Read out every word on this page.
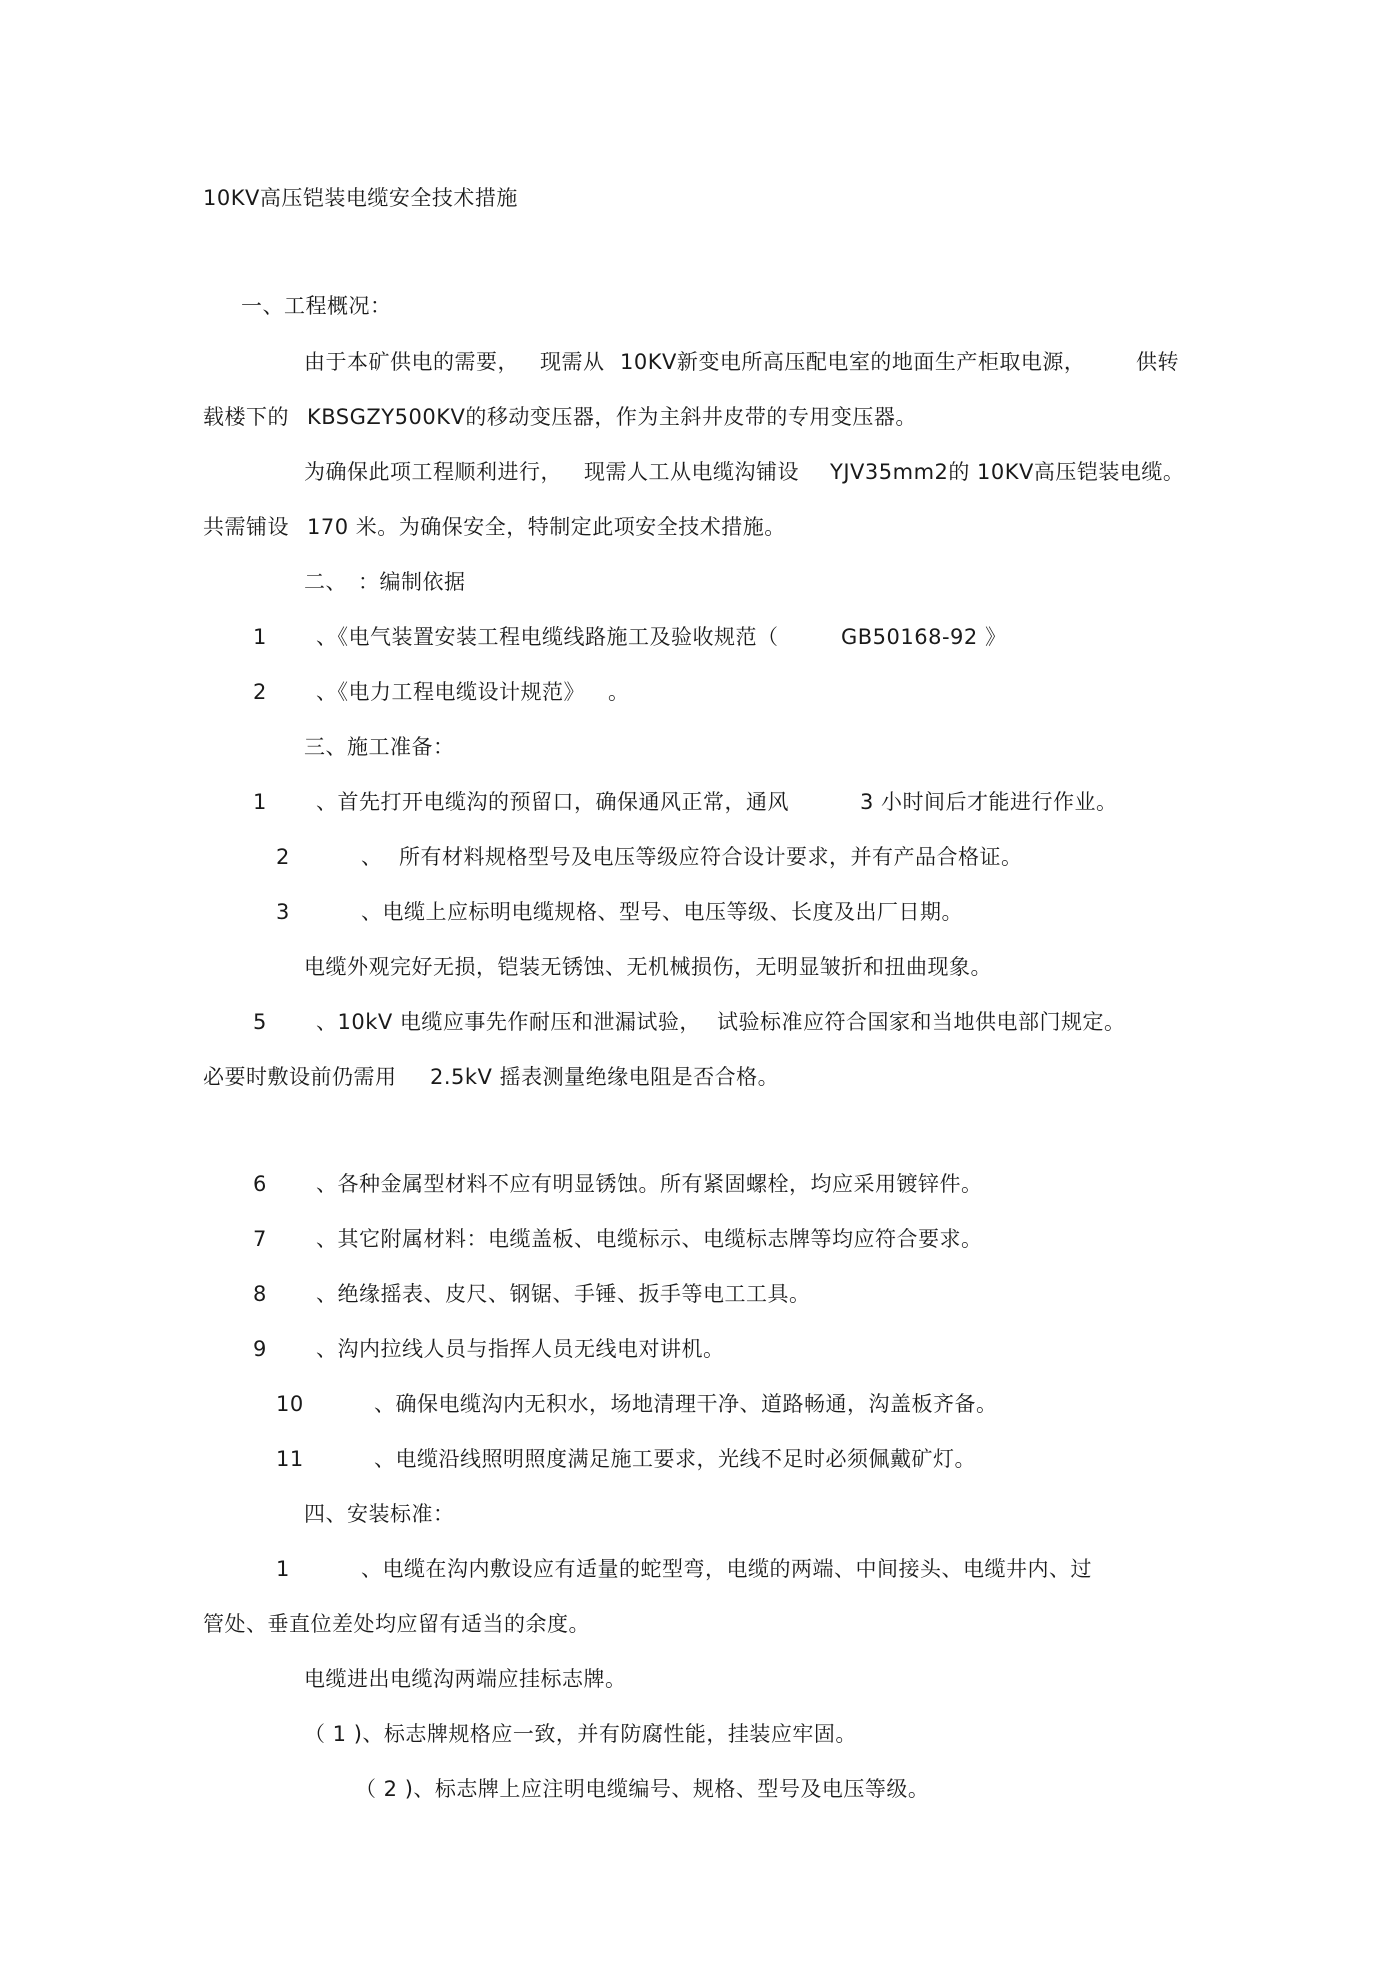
10KV高压铠装电缆安全技术措施
一、工程概况：
由于本矿供电的需要， 现需从 10KV新变电所高压配电室的地面生产柜取电源， 供转
载楼下的 KBSGZY500KV的移动变压器，作为主斜井皮带的专用变压器。
为确保此项工程顺利进行， 现需人工从电缆沟铺设 YJV35mm2的 10KV高压铠装电缆。
共需铺设 170 米。为确保安全，特制定此项安全技术措施。
二、 ：编制依据
1 、《电气装置安装工程电缆线路施工及验收规范（	GB50168-92 》
2 、《电力工程电缆设计规范》 。
三、施工准备：
1 、首先打开电缆沟的预留口，确保通风正常，通风	3 小时间后才能进行作业。
2	、 所有材料规格型号及电压等级应符合设计要求，并有产品合格证。
3	、电缆上应标明电缆规格、型号、电压等级、长度及出厂日期。
电缆外观完好无损，铠装无锈蚀、无机械损伤，无明显皱折和扭曲现象。
5 、10kV 电缆应事先作耐压和泄漏试验， 试验标准应符合国家和当地供电部门规定。
必要时敷设前仍需用 2.5kV 摇表测量绝缘电阻是否合格。
6 、各种金属型材料不应有明显锈蚀。所有紧固螺栓，均应采用镀锌件。
7 、其它附属材料：电缆盖板、电缆标示、电缆标志牌等均应符合要求。
8 、绝缘摇表、皮尺、钢锯、手锤、扳手等电工工具。
9 、沟内拉线人员与指挥人员无线电对讲机。
10	、确保电缆沟内无积水，场地清理干净、道路畅通，沟盖板齐备。
11	、电缆沿线照明照度满足施工要求，光线不足时必须佩戴矿灯。
四、安装标准：
1	、电缆在沟内敷设应有适量的蛇型弯，电缆的两端、中间接头、电缆井内、过
管处、垂直位差处均应留有适当的余度。
电缆进出电缆沟两端应挂标志牌。
（ 1 )、标志牌规格应一致，并有防腐性能，挂装应牢固。
（ 2 )、标志牌上应注明电缆编号、规格、型号及电压等级。
